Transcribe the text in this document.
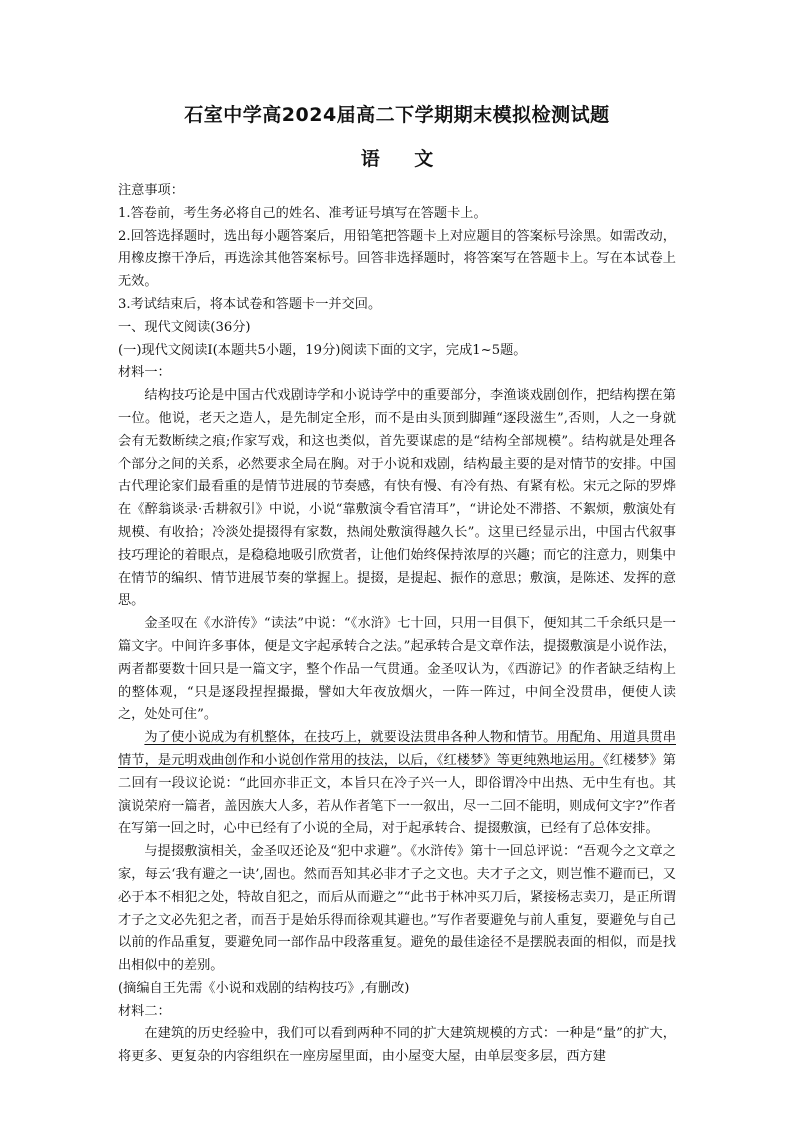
石室中学高2024届高二下学期期末模拟检测试题
语 文

注意事项：

1.答卷前，考生务必将自己的姓名、准考证号填写在答题卡上。

2.回答选择题时，选出每小题答案后，用铅笔把答题卡上对应题目的答案标号涂黑。如需改动，用橡皮擦干净后，再选涂其他答案标号。回答非选择题时，将答案写在答题卡上。写在本试卷上无效。

3.考试结束后，将本试卷和答题卡一并交回。

一、现代文阅读(36分)

(一)现代文阅读I(本题共5小题，19分)阅读下面的文字，完成1~5题。

材料一：

结构技巧论是中国古代戏剧诗学和小说诗学中的重要部分，李渔谈戏剧创作，把结构摆在第一位。他说，老天之造人，是先制定全形，而不是由头顶到脚踵“逐段滋生”,否则，人之一身就会有无数断续之痕;作家写戏，和这也类似，首先要谋虑的是“结构全部规模”。结构就是处理各个部分之间的关系，必然要求全局在胸。对于小说和戏剧，结构最主要的是对情节的安排。中国古代理论家们最看重的是情节进展的节奏感，有快有慢、有冷有热、有紧有松。宋元之际的罗烨在《醉翁谈录·舌耕叙引》中说，小说“靠敷演令看官清耳”，“讲论处不滞搭、不絮烦，敷演处有规模、有收拾；冷淡处提掇得有家数，热闹处敷演得越久长”。这里已经显示出，中国古代叙事技巧理论的着眼点，是稳稳地吸引欣赏者，让他们始终保持浓厚的兴趣；而它的注意力，则集中在情节的编织、情节进展节奏的掌握上。提掇，是提起、振作的意思；敷演，是陈述、发挥的意思。

金圣叹在《水浒传》“读法”中说：“《水浒》七十回，只用一目俱下，便知其二千余纸只是一篇文字。中间许多事体，便是文字起承转合之法。”起承转合是文章作法，提掇敷演是小说作法，两者都要数十回只是一篇文字，整个作品一气贯通。金圣叹认为，《西游记》的作者缺乏结构上的整体观，“只是逐段捏捏撮撮，譬如大年夜放烟火，一阵一阵过，中间全没贯串，便使人读之，处处可住”。

为了使小说成为有机整体，在技巧上，就要设法贯串各种人物和情节。用配角、用道具贯串情节，是元明戏曲创作和小说创作常用的技法，以后，《红楼梦》等更纯熟地运用。《红楼梦》第二回有一段议论说：“此回亦非正文，本旨只在冷子兴一人，即俗谓冷中出热、无中生有也。其演说荣府一篇者，盖因族大人多，若从作者笔下一一叙出，尽一二回不能明，则成何文字?”作者在写第一回之时，心中已经有了小说的全局，对于起承转合、提掇敷演，已经有了总体安排。

与提掇敷演相关，金圣叹还论及“犯中求避”。《水浒传》第十一回总评说：“吾观今之文章之家，每云‘我有避之一诀’,固也。然而吾知其必非才子之文也。夫才子之文，则岂惟不避而已，又必于本不相犯之处，特故自犯之，而后从而避之”“此书于林冲买刀后，紧接杨志卖刀，是正所谓才子之文必先犯之者，而吾于是始乐得而徐观其避也。”写作者要避免与前人重复，要避免与自己以前的作品重复，要避免同一部作品中段落重复。避免的最佳途径不是摆脱表面的相似，而是找出相似中的差别。

(摘编自王先需《小说和戏剧的结构技巧》,有删改)

材料二：

在建筑的历史经验中，我们可以看到两种不同的扩大建筑规模的方式：一种是“量”的扩大，将更多、更复杂的内容组织在一座房屋里面，由小屋变大屋，由单层变多层，西方建
